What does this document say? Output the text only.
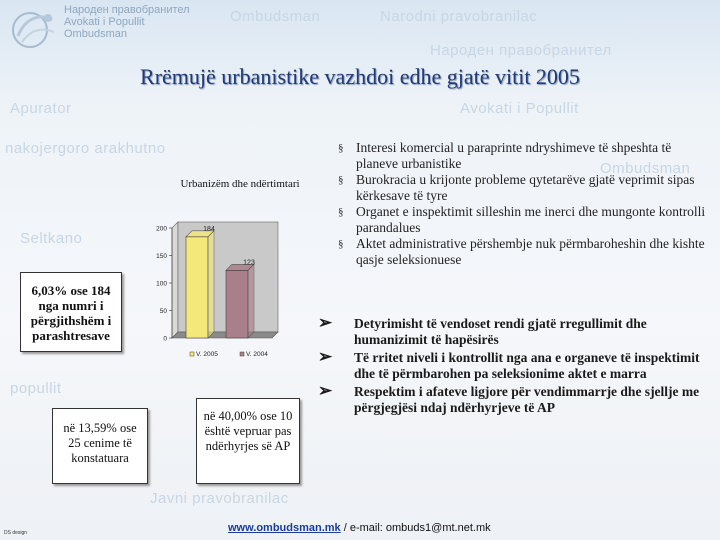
Ombudsman	Narodni pravobranilac
Apurator	Avokati i Popullit
nakojergoro arakhutno
Seltkano
Javni pravobranilac
popullit
Народен правобранител
Ombudsman
Народен правобранител
Avokati i Popullit
Ombudsman
Rrëmujë urbanistike vazhdoi edhe gjatë vitit 2005
Urbanizëm dhe ndërtimtari
0
50
100
150
200	184
V. 2005
123
V. 2004
6,03% ose 184 nga numri i përgjithshëm i parashtresave
në 13,59% ose 25 cenime të konstatuara
në 40,00% ose 10 është vepruar pas ndërhyrjes së AP
§ Interesi komercial u paraprinte ndryshimeve të shpeshta të planeve urbanistike
§ Burokracia u krijonte probleme qytetarëve gjatë veprimit sipas kërkesave të tyre
§ Organet e inspektimit silleshin me inerci dhe mungonte kontrolli parandalues
§ Aktet administrative përshembje nuk përmbaroheshin dhe kishte qasje seleksionuese
➢ Detyrimisht të vendoset rendi gjatë rregullimit dhe humanizimit të hapësirës
➢ Të rritet niveli i kontrollit nga ana e organeve të inspektimit dhe të përmbarohen pa seleksionime aktet e marra
➢ Respektim i afateve ligjore për vendimmarrje dhe sjellje me përgjegjësi ndaj ndërhyrjeve të AP
www.ombudsman.mk / e-mail: ombuds1@mt.net.mk
DS design
